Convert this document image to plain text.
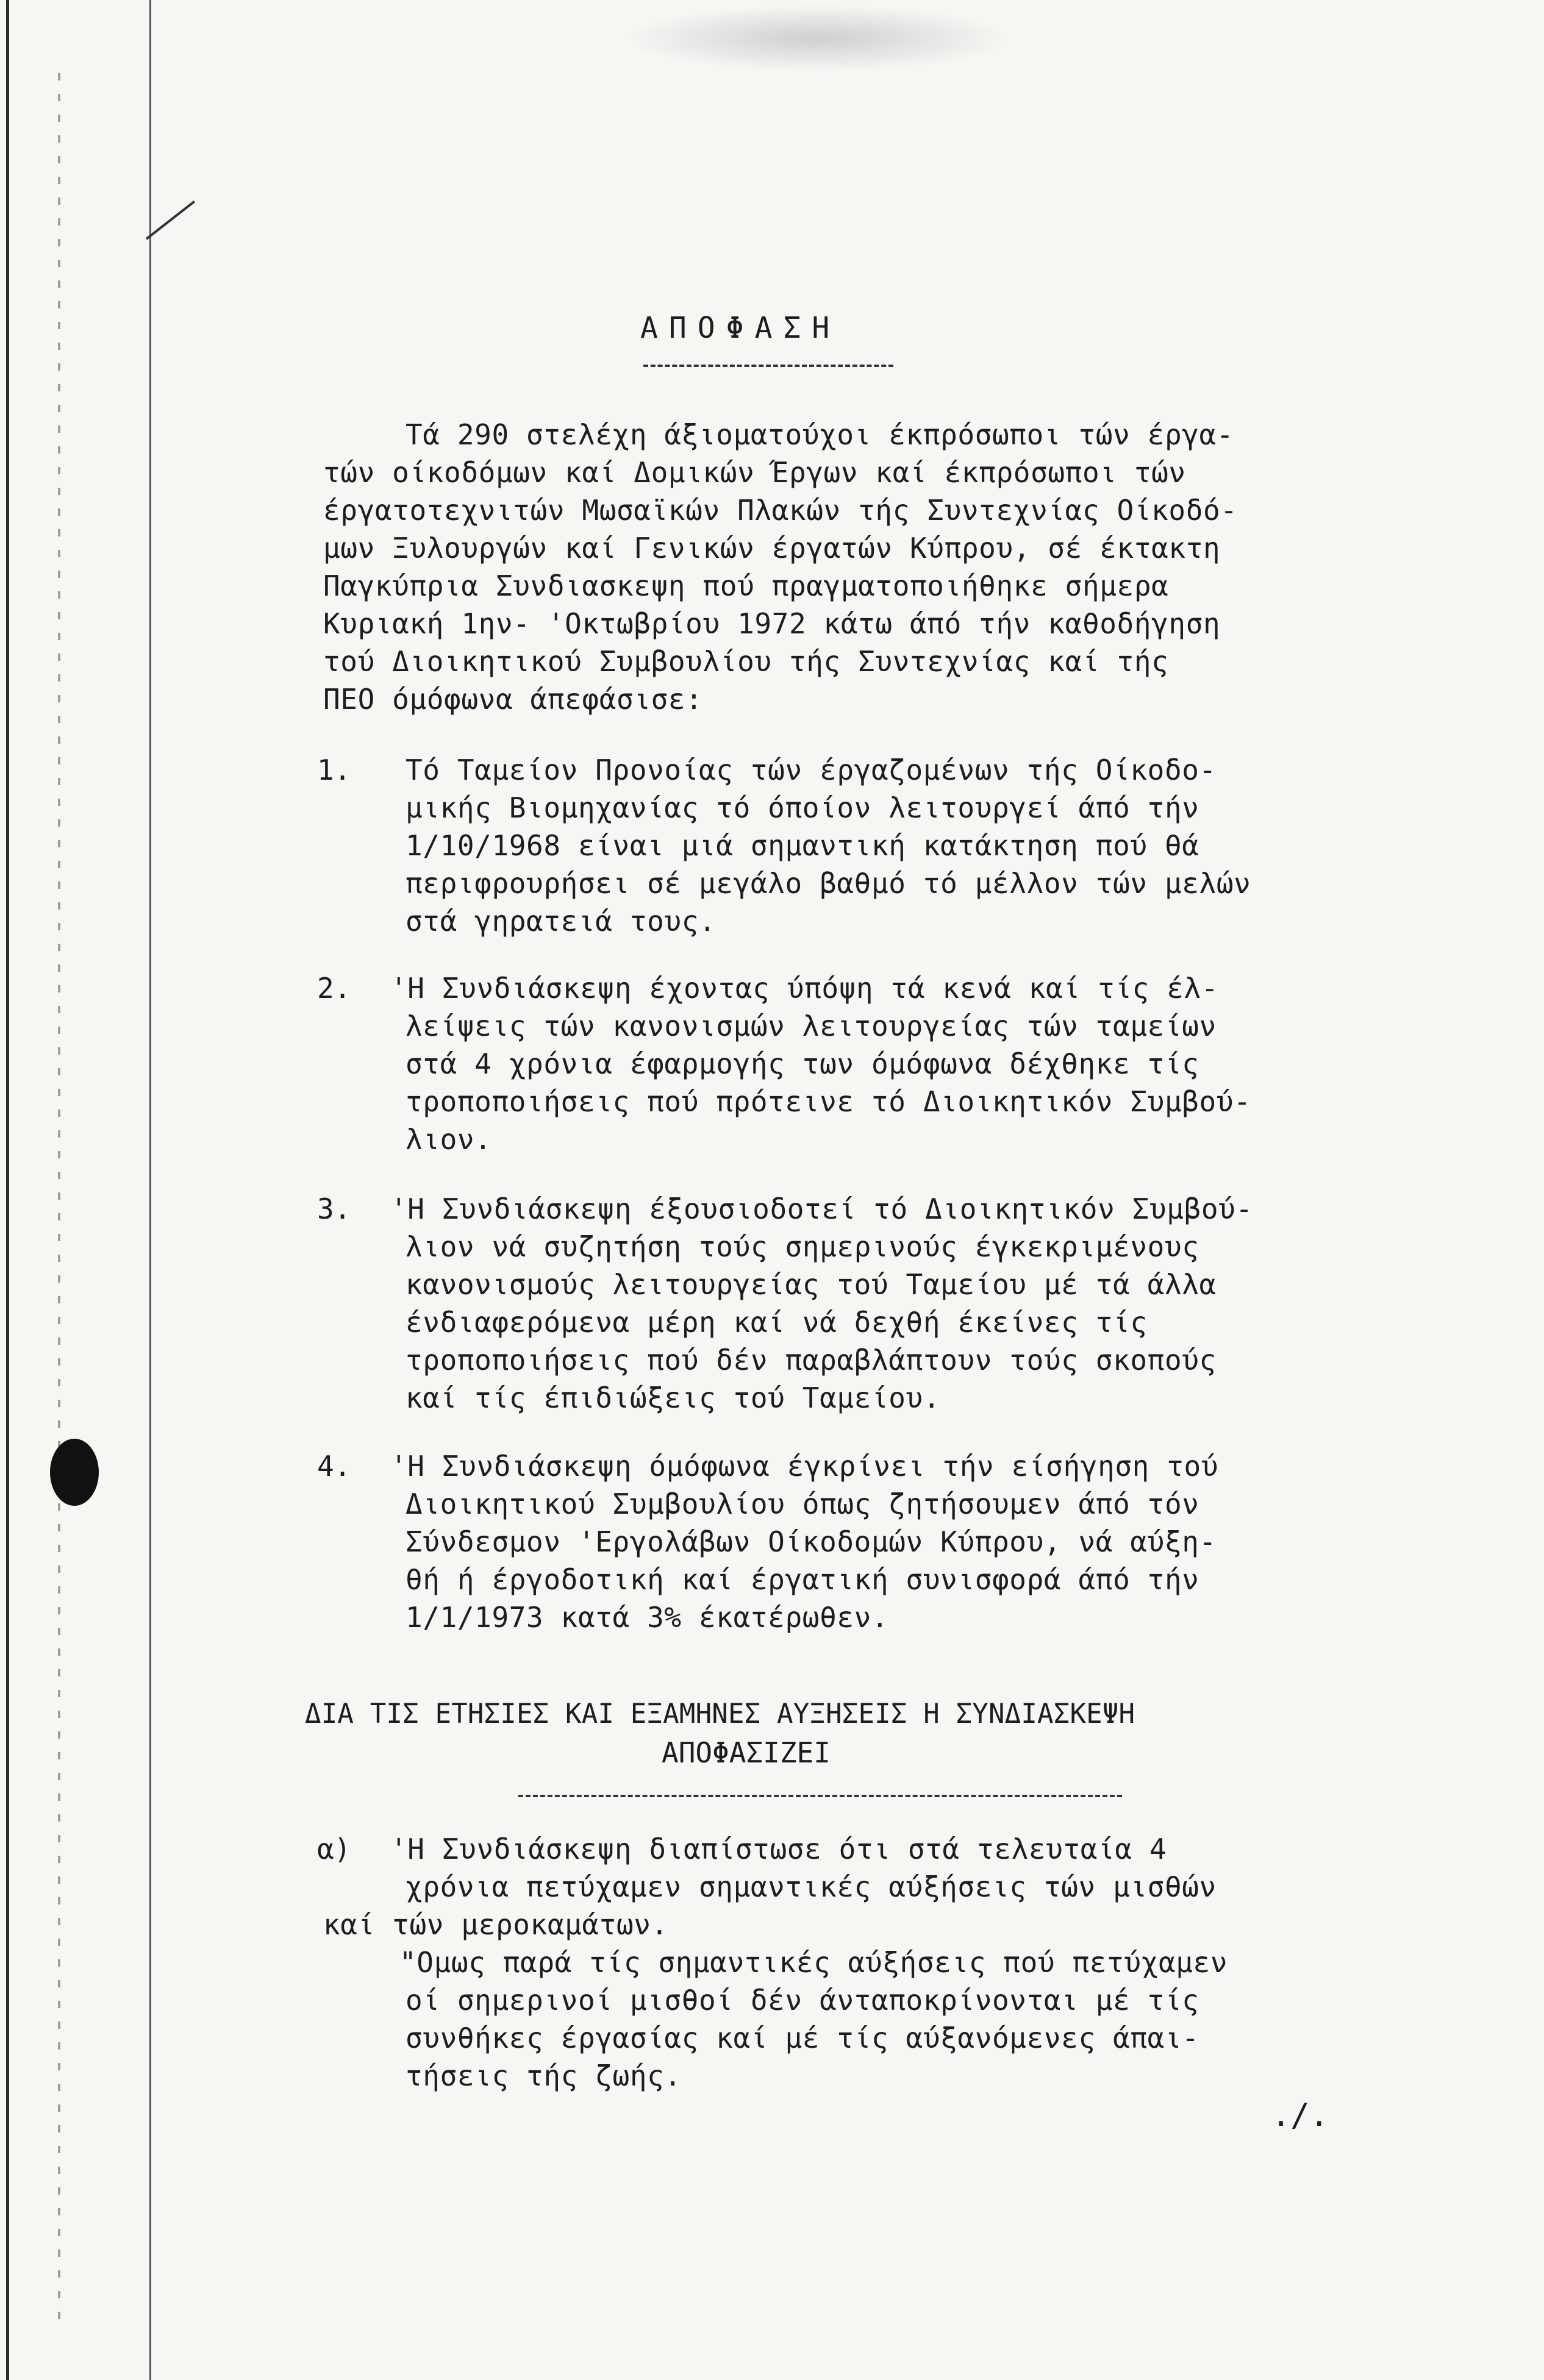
ΑΠΟΦΑΣΗ

Τά 290 στελέχη άξιοματούχοι έκπρόσωποι τών έργα-

τών οίκοδόμων καί Δομικών Έργων καί έκπρόσωποι τών

έργατοτεχνιτών Μωσαϊκών Πλακών τής Συντεχνίας Οίκοδό-

μων Ξυλουργών καί Γενικών έργατών Κύπρου, σέ έκτακτη

Παγκύπρια Συνδιασκεψη πού πραγματοποιήθηκε σήμερα

Κυριακή 1ην- 'Οκτωβρίου 1972 κάτω άπό τήν καθοδήγηση

τού Διοικητικού Συμβουλίου τής Συντεχνίας καί τής

ΠΕΟ όμόφωνα άπεφάσισε:

1. Τό Ταμείον Προνοίας τών έργαζομένων τής Οίκοδο-

μικής Βιομηχανίας τό όποίον λειτουργεί άπό τήν

1/10/1968 είναι μιά σημαντική κατάκτηση πού θά

περιφρουρήσει σέ μεγάλο βαθμό τό μέλλον τών μελών

στά γηρατειά τους.

2. 'Η Συνδιάσκεψη έχοντας ύπόψη τά κενά καί τίς έλ-

λείψεις τών κανονισμών λειτουργείας τών ταμείων

στά 4 χρόνια έφαρμογής των όμόφωνα δέχθηκε τίς

τροποποιήσεις πού πρότεινε τό Διοικητικόν Συμβού-

λιον.

3. 'Η Συνδιάσκεψη έξουσιοδοτεί τό Διοικητικόν Συμβού-

λιον νά συζητήση τούς σημερινούς έγκεκριμένους

κανονισμούς λειτουργείας τού Ταμείου μέ τά άλλα

ένδιαφερόμενα μέρη καί νά δεχθή έκείνες τίς

τροποποιήσεις πού δέν παραβλάπτουν τούς σκοπούς

καί τίς έπιδιώξεις τού Ταμείου.

4. 'Η Συνδιάσκεψη όμόφωνα έγκρίνει τήν είσήγηση τού

Διοικητικού Συμβουλίου όπως ζητήσουμεν άπό τόν

Σύνδεσμον 'Εργολάβων Οίκοδομών Κύπρου, νά αύξη-

θή ή έργοδοτική καί έργατική συνισφορά άπό τήν

1/1/1973 κατά 3% έκατέρωθεν.

ΔΙΑ ΤΙΣ ΕΤΗΣΙΕΣ ΚΑΙ ΕΞΑΜΗΝΕΣ ΑΥΞΗΣΕΙΣ Η ΣΥΝΔΙΑΣΚΕΨΗ

ΑΠΟΦΑΣΙΖΕΙ

α) 'Η Συνδιάσκεψη διαπίστωσε ότι στά τελευταία 4

χρόνια πετύχαμεν σημαντικές αύξήσεις τών μισθών

καί τών μεροκαμάτων.

"Ομως παρά τίς σημαντικές αύξήσεις πού πετύχαμεν

οί σημερινοί μισθοί δέν άνταποκρίνονται μέ τίς

συνθήκες έργασίας καί μέ τίς αύξανόμενες άπαι-

τήσεις τής ζωής.

./.
